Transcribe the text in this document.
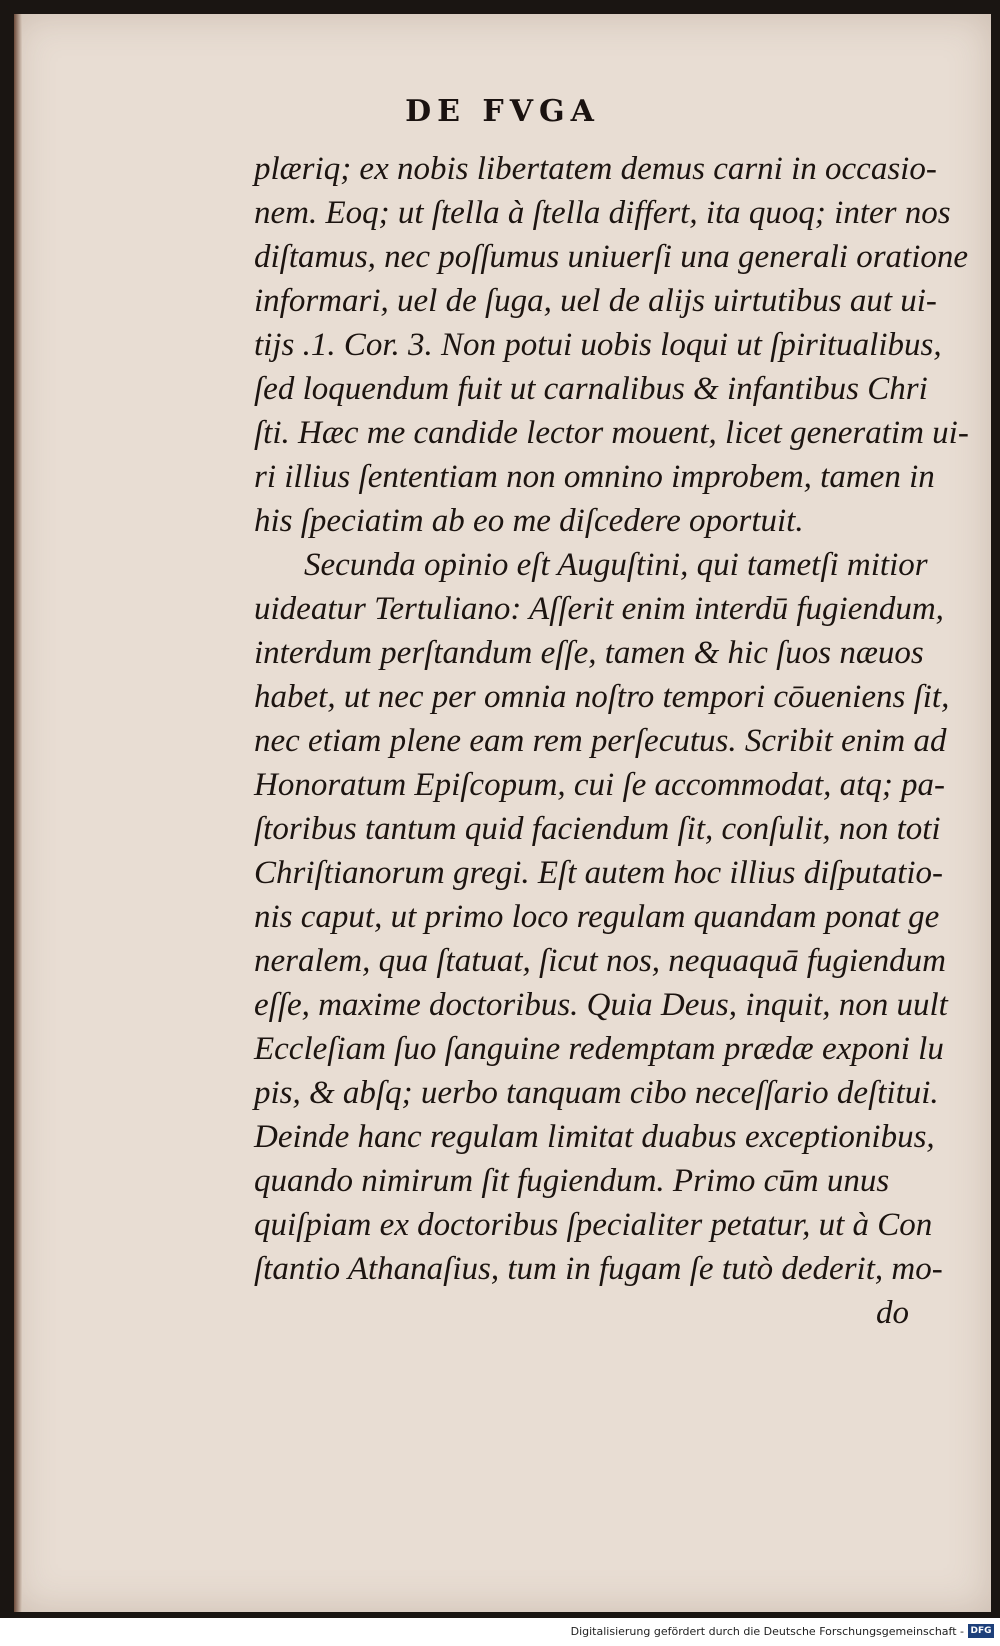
DE FVGA
plæriq; ex nobis libertatem demus carni in occasio-
nem. Eoq; ut ſtella à ſtella differt, ita quoq; inter nos
diſtamus, nec poſſumus uniuerſi una generali oratione
informari, uel de ſuga, uel de alijs uirtutibus aut ui-
tijs .1. Cor. 3. Non potui uobis loqui ut ſpiritualibus,
ſed loquendum fuit ut carnalibus & infantibus Chri
ſti. Hæc me candide lector mouent, licet generatim ui-
ri illius ſententiam non omnino improbem, tamen in
his ſpeciatim ab eo me diſcedere oportuit.
Secunda opinio eſt Auguſtini, qui tametſi mitior
uideatur Tertuliano: Aſſerit enim interdū fugiendum,
interdum perſtandum eſſe, tamen & hic ſuos næuos
habet, ut nec per omnia noſtro tempori cōueniens ſit,
nec etiam plene eam rem perſecutus. Scribit enim ad
Honoratum Epiſcopum, cui ſe accommodat, atq; pa-
ſtoribus tantum quid faciendum ſit, conſulit, non toti
Chriſtianorum gregi. Eſt autem hoc illius diſputatio-
nis caput, ut primo loco regulam quandam ponat ge
neralem, qua ſtatuat, ſicut nos, nequaquā fugiendum
eſſe, maxime doctoribus. Quia Deus, inquit, non uult
Eccleſiam ſuo ſanguine redemptam prædæ exponi lu
pis, & abſq; uerbo tanquam cibo neceſſario deſtitui.
Deinde hanc regulam limitat duabus exceptionibus,
quando nimirum ſit fugiendum. Primo cūm unus
quiſpiam ex doctoribus ſpecialiter petatur, ut à Con
ſtantio Athanaſius, tum in fugam ſe tutò dederit, mo-
do
Digitalisierung gefördert durch die Deutsche Forschungsgemeinschaft - DFG
